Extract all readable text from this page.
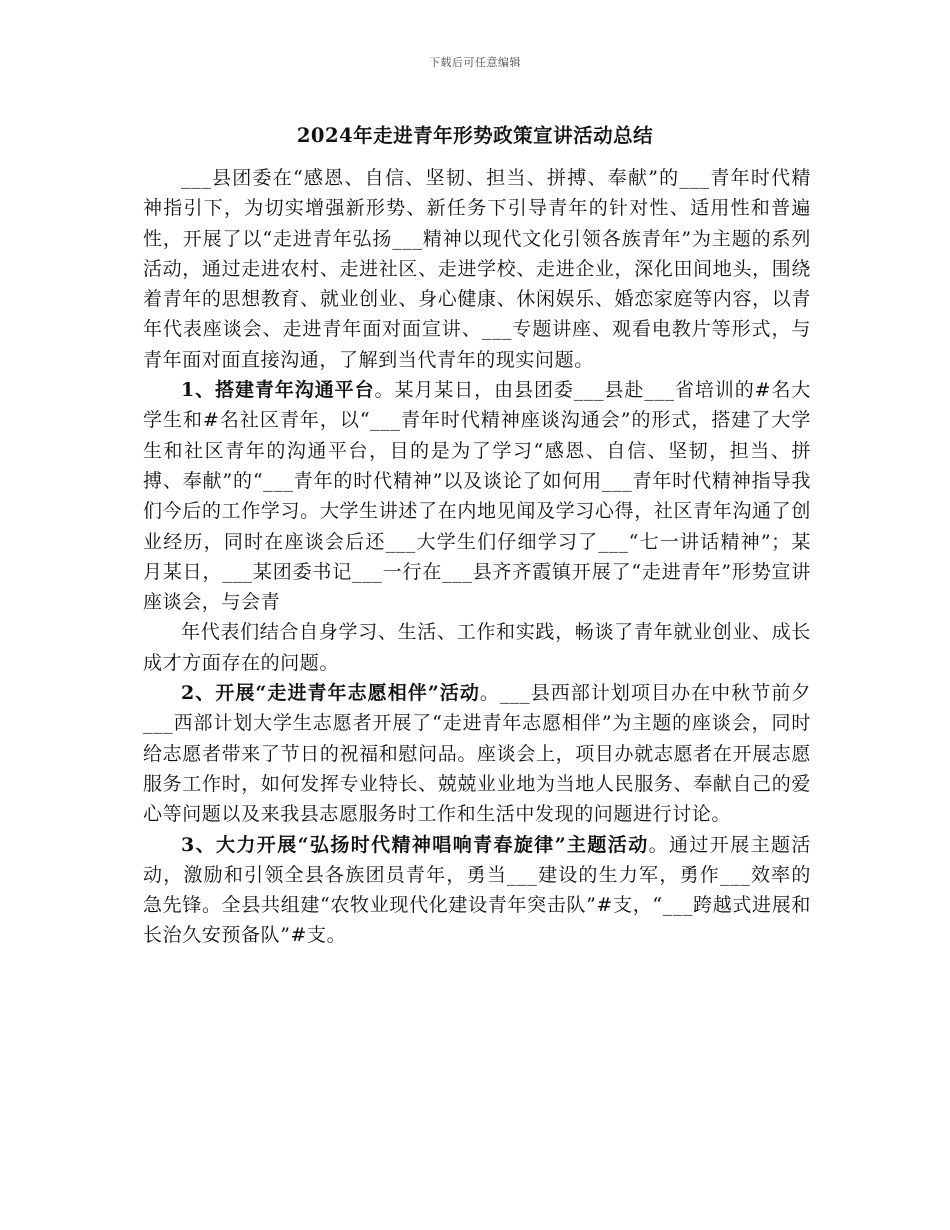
下载后可任意编辑
2024年走进青年形势政策宣讲活动总结

___县团委在“感恩、自信、坚韧、担当、拼搏、奉献”的___青年时代精神指引下，为切实增强新形势、新任务下引导青年的针对性、适用性和普遍性，开展了以“走进青年弘扬___精神以现代文化引领各族青年”为主题的系列活动，通过走进农村、走进社区、走进学校、走进企业，深化田间地头，围绕着青年的思想教育、就业创业、身心健康、休闲娱乐、婚恋家庭等内容，以青年代表座谈会、走进青年面对面宣讲、___专题讲座、观看电教片等形式，与青年面对面直接沟通，了解到当代青年的现实问题。

1、搭建青年沟通平台。某月某日，由县团委___县赴___省培训的#名大学生和#名社区青年，以“___青年时代精神座谈沟通会”的形式，搭建了大学生和社区青年的沟通平台，目的是为了学习“感恩、自信、坚韧，担当、拼搏、奉献”的“___青年的时代精神”以及谈论了如何用___青年时代精神指导我们今后的工作学习。大学生讲述了在内地见闻及学习心得，社区青年沟通了创业经历，同时在座谈会后还___大学生们仔细学习了___“七一讲话精神”；某月某日，___某团委书记___一行在___县齐齐霞镇开展了“走进青年”形势宣讲座谈会，与会青

年代表们结合自身学习、生活、工作和实践，畅谈了青年就业创业、成长成才方面存在的问题。

2、开展“走进青年志愿相伴”活动。___县西部计划项目办在中秋节前夕___西部计划大学生志愿者开展了“走进青年志愿相伴”为主题的座谈会，同时给志愿者带来了节日的祝福和慰问品。座谈会上，项目办就志愿者在开展志愿服务工作时，如何发挥专业特长、兢兢业业地为当地人民服务、奉献自己的爱心等问题以及来我县志愿服务时工作和生活中发现的问题进行讨论。

3、大力开展“弘扬时代精神唱响青春旋律”主题活动。通过开展主题活动，激励和引领全县各族团员青年，勇当___建设的生力军，勇作___效率的急先锋。全县共组建“农牧业现代化建设青年突击队”#支，“___跨越式进展和长治久安预备队”#支。
